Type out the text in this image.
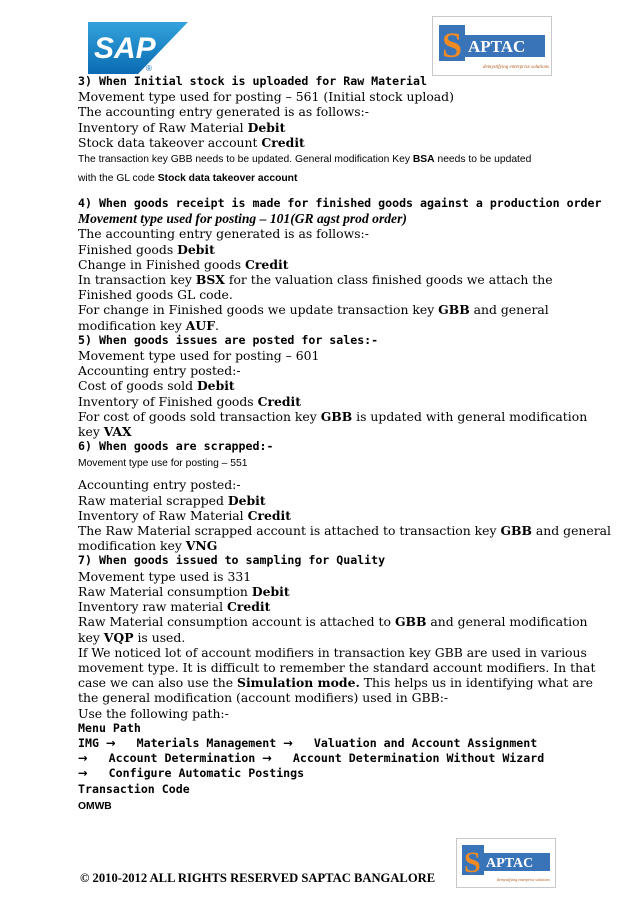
SAP
®
S APTAC
demystifying enterprise solutions
3) When Initial stock is uploaded for Raw Material
Movement type used for posting – 561 (Initial stock upload)
The accounting entry generated is as follows:-
Inventory of Raw Material Debit
Stock data takeover account Credit
The transaction key GBB needs to be updated. General modification Key BSA needs to be updated
with the GL code Stock data takeover account
4) When goods receipt is made for finished goods against a production order
Movement type used for posting – 101(GR agst prod order)
The accounting entry generated is as follows:-
Finished goods Debit
Change in Finished goods Credit
In transaction key BSX for the valuation class finished goods we attach the
Finished goods GL code.
For change in Finished goods we update transaction key GBB and general
modification key AUF.
5) When goods issues are posted for sales:-
Movement type used for posting – 601
Accounting entry posted:-
Cost of goods sold Debit
Inventory of Finished goods Credit
For cost of goods sold transaction key GBB is updated with general modification
key VAX
6) When goods are scrapped:-
Movement type use for posting – 551
Accounting entry posted:-
Raw material scrapped Debit
Inventory of Raw Material Credit
The Raw Material scrapped account is attached to transaction key GBB and general
modification key VNG
7) When goods issued to sampling for Quality
Movement type used is 331
Raw Material consumption Debit
Inventory raw material Credit
Raw Material consumption account is attached to GBB and general modification
key VQP is used.
If We noticed lot of account modifiers in transaction key GBB are used in various
movement type. It is difficult to remember the standard account modifiers. In that
case we can also use the Simulation mode. This helps us in identifying what are
the general modification (account modifiers) used in GBB:-
Use the following path:-
Menu Path
IMG → Materials Management → Valuation and Account Assignment
→ Account Determination → Account Determination Without Wizard
→ Configure Automatic Postings
Transaction Code
OMWB
S APTAC
demystifying enterprise solutions
© 2010-2012 ALL RIGHTS RESERVED SAPTAC BANGALORE
